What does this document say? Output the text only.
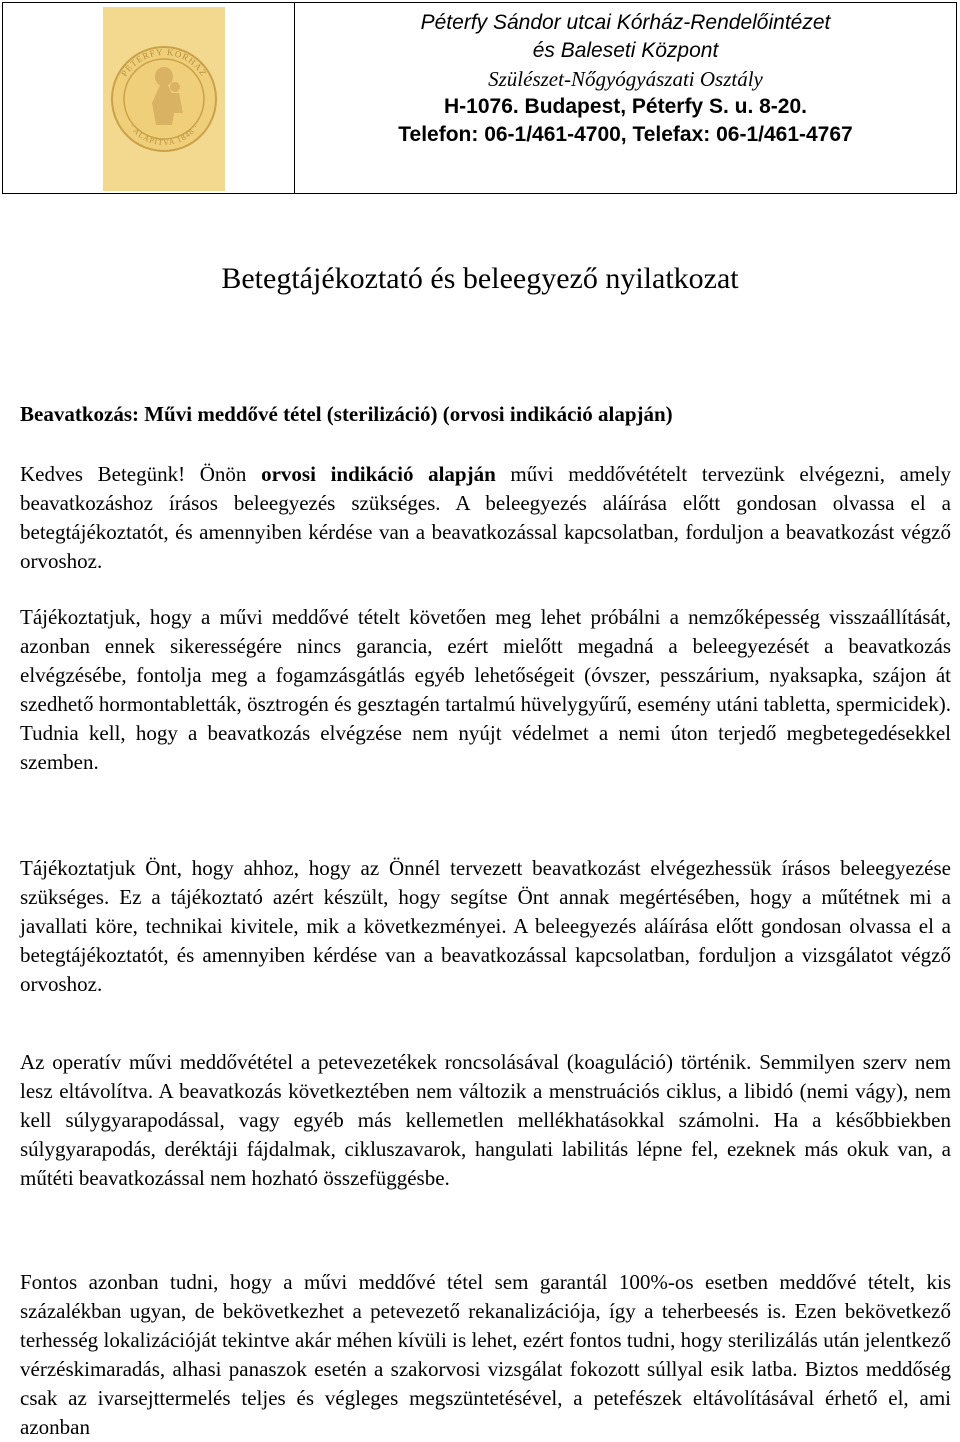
PÉTERFY KÓRHÁZ
· ALAPÍTVA 1848 ·
Péterfy Sándor utcai Kórház-Rendelőintézet
és Baleseti Központ
Szülészet-Nőgyógyászati Osztály
H-1076. Budapest, Péterfy S. u. 8-20.
Telefon: 06-1/461-4700, Telefax: 06-1/461-4767
Betegtájékoztató és beleegyező nyilatkozat
Beavatkozás: Művi meddővé tétel (sterilizáció) (orvosi indikáció alapján)
Kedves Betegünk! Önön orvosi indikáció alapján művi meddővétételt tervezünk elvégezni, amely beavatkozáshoz írásos beleegyezés szükséges. A beleegyezés aláírása előtt gondosan olvassa el a betegtájékoztatót, és amennyiben kérdése van a beavatkozással kapcsolatban, forduljon a beavatkozást végző orvoshoz.
Tájékoztatjuk, hogy a művi meddővé tételt követően meg lehet próbálni a nemzőképesség visszaállítását, azonban ennek sikerességére nincs garancia, ezért mielőtt megadná a beleegyezését a beavatkozás elvégzésébe, fontolja meg a fogamzásgátlás egyéb lehetőségeit (óvszer, pesszárium, nyaksapka, szájon át szedhető hormontabletták, ösztrogén és gesztagén tartalmú hüvelygyűrű, esemény utáni tabletta, spermicidek). Tudnia kell, hogy a beavatkozás elvégzése nem nyújt védelmet a nemi úton terjedő megbetegedésekkel szemben.
Tájékoztatjuk Önt, hogy ahhoz, hogy az Önnél tervezett beavatkozást elvégezhessük írásos beleegyezése szükséges. Ez a tájékoztató azért készült, hogy segítse Önt annak megértésében, hogy a műtétnek mi a javallati köre, technikai kivitele, mik a következményei. A beleegyezés aláírása előtt gondosan olvassa el a betegtájékoztatót, és amennyiben kérdése van a beavatkozással kapcsolatban, forduljon a vizsgálatot végző orvoshoz.
Az operatív művi meddővététel a petevezetékek roncsolásával (koaguláció) történik. Semmilyen szerv nem lesz eltávolítva. A beavatkozás következtében nem változik a menstruációs ciklus, a libidó (nemi vágy), nem kell súlygyarapodással, vagy egyéb más kellemetlen mellékhatásokkal számolni. Ha a későbbiekben súlygyarapodás, deréktáji fájdalmak, cikluszavarok, hangulati labilitás lépne fel, ezeknek más okuk van, a műtéti beavatkozással nem hozható összefüggésbe.
Fontos azonban tudni, hogy a művi meddővé tétel sem garantál 100%-os esetben meddővé tételt, kis százalékban ugyan, de bekövetkezhet a petevezető rekanalizációja, így a teherbeesés is. Ezen bekövetkező terhesség lokalizációját tekintve akár méhen kívüli is lehet, ezért fontos tudni, hogy sterilizálás után jelentkező vérzéskimaradás, alhasi panaszok esetén a szakorvosi vizsgálat fokozott súllyal esik latba. Biztos meddőség csak az ivarsejttermelés teljes és végleges megszüntetésével, a petefészek eltávolításával érhető el, ami azonban
